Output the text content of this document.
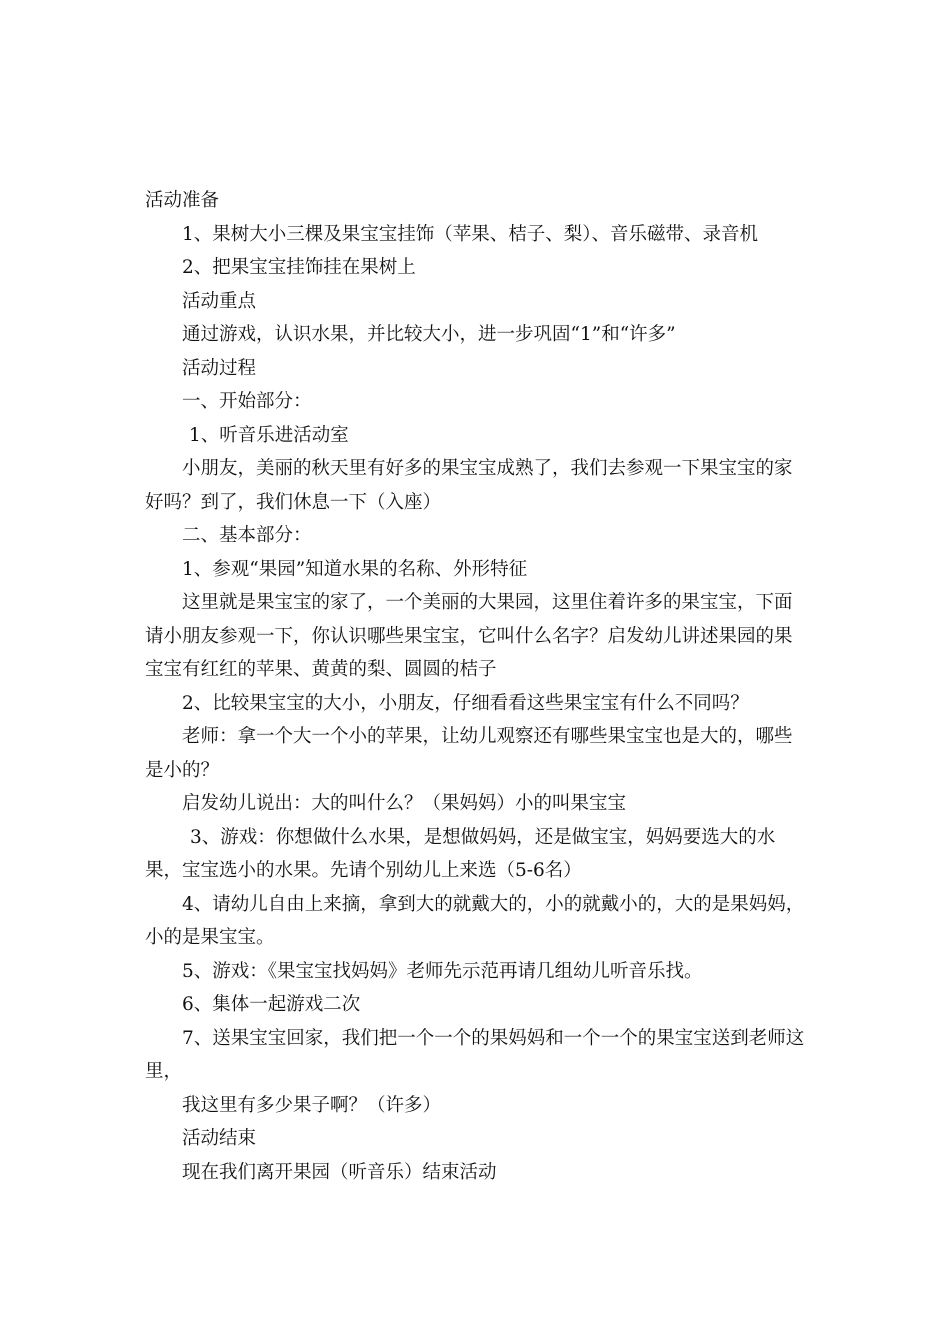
活动准备

1、果树大小三棵及果宝宝挂饰（苹果、桔子、梨）、音乐磁带、录音机

2、把果宝宝挂饰挂在果树上

活动重点

通过游戏，认识水果，并比较大小，进一步巩固“1”和“许多”

活动过程

一、开始部分：

1、听音乐进活动室

小朋友，美丽的秋天里有好多的果宝宝成熟了，我们去参观一下果宝宝的家好吗？到了，我们休息一下（入座）

二、基本部分：

1、参观“果园”知道水果的名称、外形特征

这里就是果宝宝的家了，一个美丽的大果园，这里住着许多的果宝宝，下面请小朋友参观一下，你认识哪些果宝宝，它叫什么名字？启发幼儿讲述果园的果宝宝有红红的苹果、黄黄的梨、圆圆的桔子

2、比较果宝宝的大小，小朋友，仔细看看这些果宝宝有什么不同吗？

老师：拿一个大一个小的苹果，让幼儿观察还有哪些果宝宝也是大的，哪些是小的？

启发幼儿说出：大的叫什么？（果妈妈）小的叫果宝宝

3、游戏：你想做什么水果，是想做妈妈，还是做宝宝，妈妈要选大的水果，宝宝选小的水果。先请个别幼儿上来选（5-6名）

4、请幼儿自由上来摘，拿到大的就戴大的，小的就戴小的，大的是果妈妈，小的是果宝宝。

5、游戏：《果宝宝找妈妈》老师先示范再请几组幼儿听音乐找。

6、集体一起游戏二次

7、送果宝宝回家，我们把一个一个的果妈妈和一个一个的果宝宝送到老师这里，

我这里有多少果子啊？（许多）

活动结束

现在我们离开果园（听音乐）结束活动
